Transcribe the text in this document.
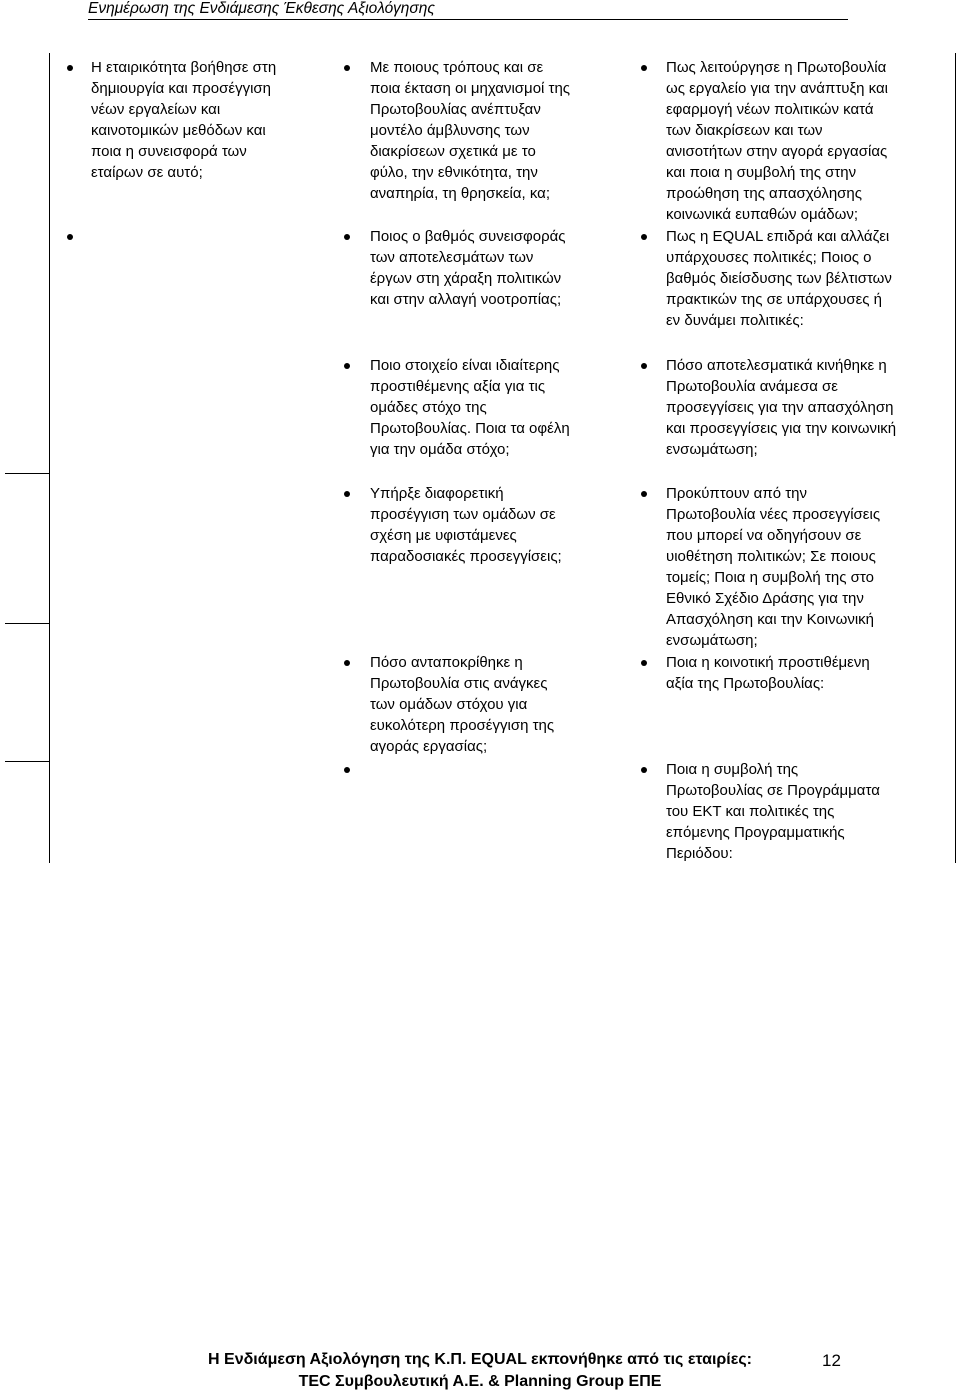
Ενημέρωση της Ενδιάμεσης Έκθεσης Αξιολόγησης
Η εταιρικότητα βοήθησε στη
δημιουργία και προσέγγιση
νέων εργαλείων και
καινοτομικών μεθόδων και
ποια η συνεισφορά των
εταίρων σε αυτό;
Με ποιους τρόπους και σε
ποια έκταση οι μηχανισμοί της
Πρωτοβουλίας ανέπτυξαν
μοντέλο άμβλυνσης των
διακρίσεων σχετικά με το
φύλο, την εθνικότητα, την
αναπηρία, τη θρησκεία, κα;
Ποιος ο βαθμός συνεισφοράς
των αποτελεσμάτων των
έργων στη χάραξη πολιτικών
και στην αλλαγή νοοτροπίας;
Ποιο στοιχείο είναι ιδιαίτερης
προστιθέμενης αξία για τις
ομάδες στόχο της
Πρωτοβουλίας. Ποια τα οφέλη
για την ομάδα στόχο;
Υπήρξε διαφορετική
προσέγγιση των ομάδων σε
σχέση με υφιστάμενες
παραδοσιακές προσεγγίσεις;
Πόσο ανταποκρίθηκε η
Πρωτοβουλία στις ανάγκες
των ομάδων στόχου για
ευκολότερη προσέγγιση της
αγοράς εργασίας;
Πως λειτούργησε η Πρωτοβουλία
ως εργαλείο για την ανάπτυξη και
εφαρμογή νέων πολιτικών κατά
των διακρίσεων και των
ανισοτήτων στην αγορά εργασίας
και ποια η συμβολή της στην
προώθηση της απασχόλησης
κοινωνικά ευπαθών ομάδων;
Πως η EQUAL επιδρά και αλλάζει
υπάρχουσες πολιτικές; Ποιος ο
βαθμός διείσδυσης των βέλτιστων
πρακτικών της σε υπάρχουσες ή
εν δυνάμει πολιτικές:
Πόσο αποτελεσματικά κινήθηκε η
Πρωτοβουλία ανάμεσα σε
προσεγγίσεις για την απασχόληση
και προσεγγίσεις για την κοινωνική
ενσωμάτωση;
Προκύπτουν από την
Πρωτοβουλία νέες προσεγγίσεις
που μπορεί να οδηγήσουν σε
υιοθέτηση πολιτικών; Σε ποιους
τομείς; Ποια η συμβολή της στο
Εθνικό Σχέδιο Δράσης για την
Απασχόληση και την Κοινωνική
ενσωμάτωση;
Ποια η κοινοτική προστιθέμενη
αξία της Πρωτοβουλίας:
Ποια η συμβολή της
Πρωτοβουλίας σε Προγράμματα
του ΕΚΤ και πολιτικές της
επόμενης Προγραμματικής
Περιόδου:
Η Ενδιάμεση Αξιολόγηση της Κ.Π. EQUAL εκπονήθηκε από τις εταιρίες:
TEC Συμβουλευτική Α.Ε. & Planning Group ΕΠΕ
12
